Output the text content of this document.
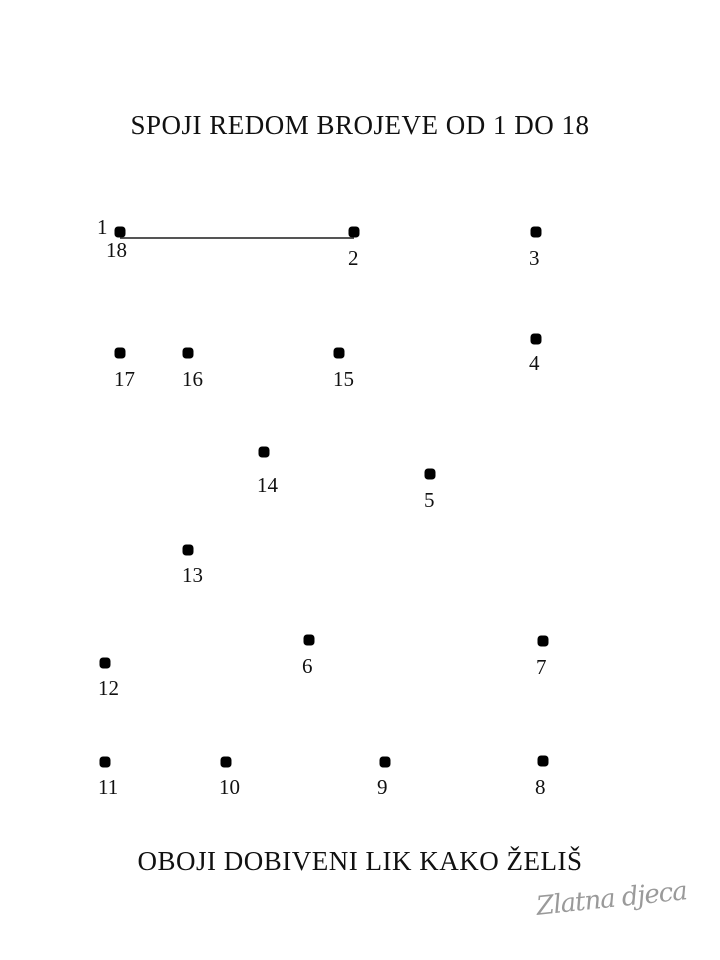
SPOJI REDOM BROJEVE OD 1 DO 18
1
2	3
4
5
6	7
8
9
10
11
12
13
14
15
16
17
18
OBOJI DOBIVENI LIK KAKO ŽELIŠ
Zlatna djeca
